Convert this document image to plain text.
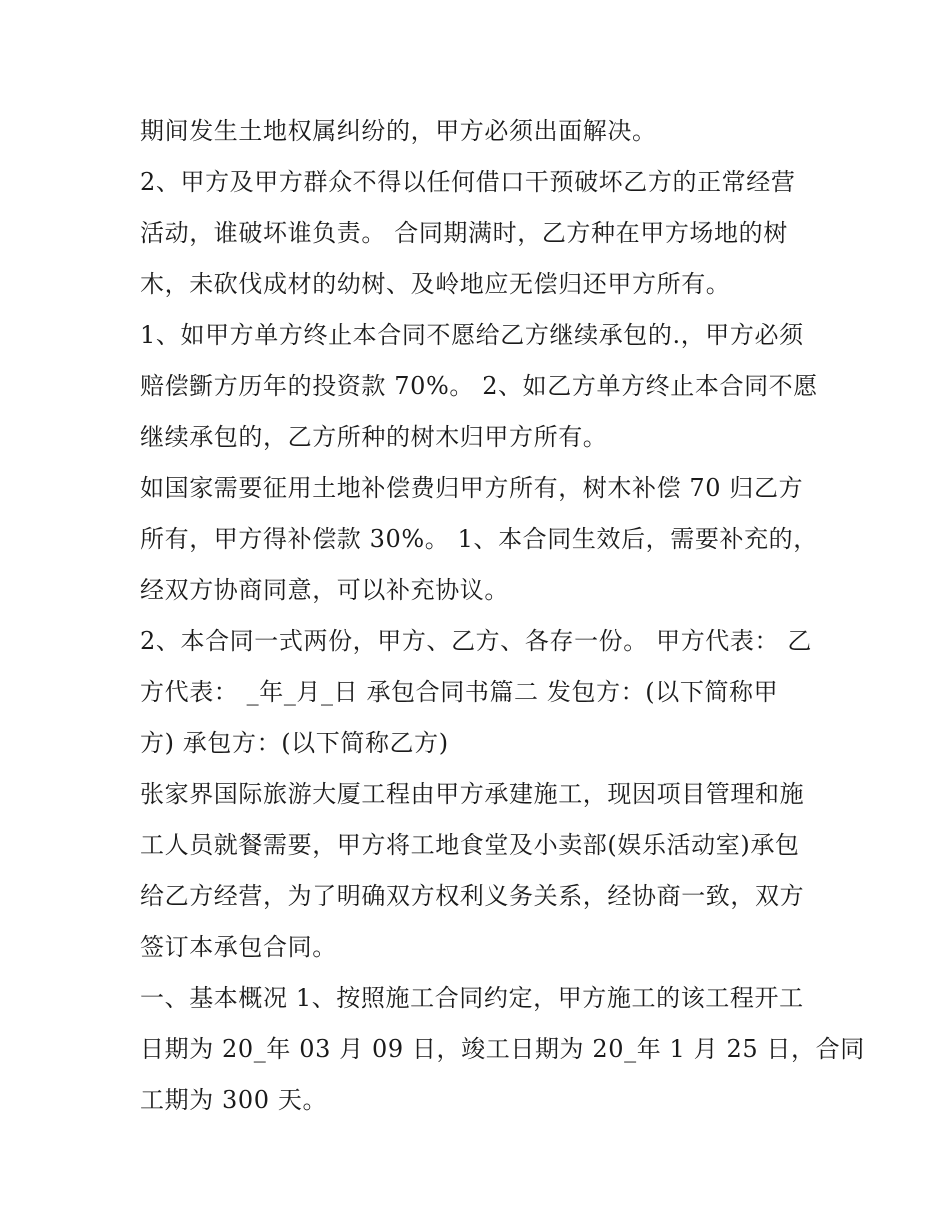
期间发生土地权属纠纷的，甲方必须出面解决。
2、甲方及甲方群众不得以任何借口干预破坏乙方的正常经营
活动，谁破坏谁负责。 合同期满时，乙方种在甲方场地的树
木，未砍伐成材的幼树、及岭地应无偿归还甲方所有。
1、如甲方单方终止本合同不愿给乙方继续承包的.，甲方必须
赔偿斵方历年的投资款 70%。 2、如乙方单方终止本合同不愿
继续承包的，乙方所种的树木归甲方所有。
如国家需要征用土地补偿费归甲方所有，树木补偿 70 归乙方
所有，甲方得补偿款 30%。 1、本合同生效后，需要补充的，
经双方协商同意，可以补充协议。
2、本合同一式两份，甲方、乙方、各存一份。 甲方代表： 乙
方代表： _年_月_日 承包合同书篇二 发包方：(以下简称甲
方) 承包方：(以下简称乙方)
张家界国际旅游大厦工程由甲方承建施工，现因项目管理和施
工人员就餐需要，甲方将工地食堂及小卖部(娱乐活动室)承包
给乙方经营，为了明确双方权利义务关系，经协商一致，双方
签订本承包合同。
一、基本概况 1、按照施工合同约定，甲方施工的该工程开工
日期为 20_年 03 月 09 日，竣工日期为 20_年 1 月 25 日，合同
工期为 300 天。
